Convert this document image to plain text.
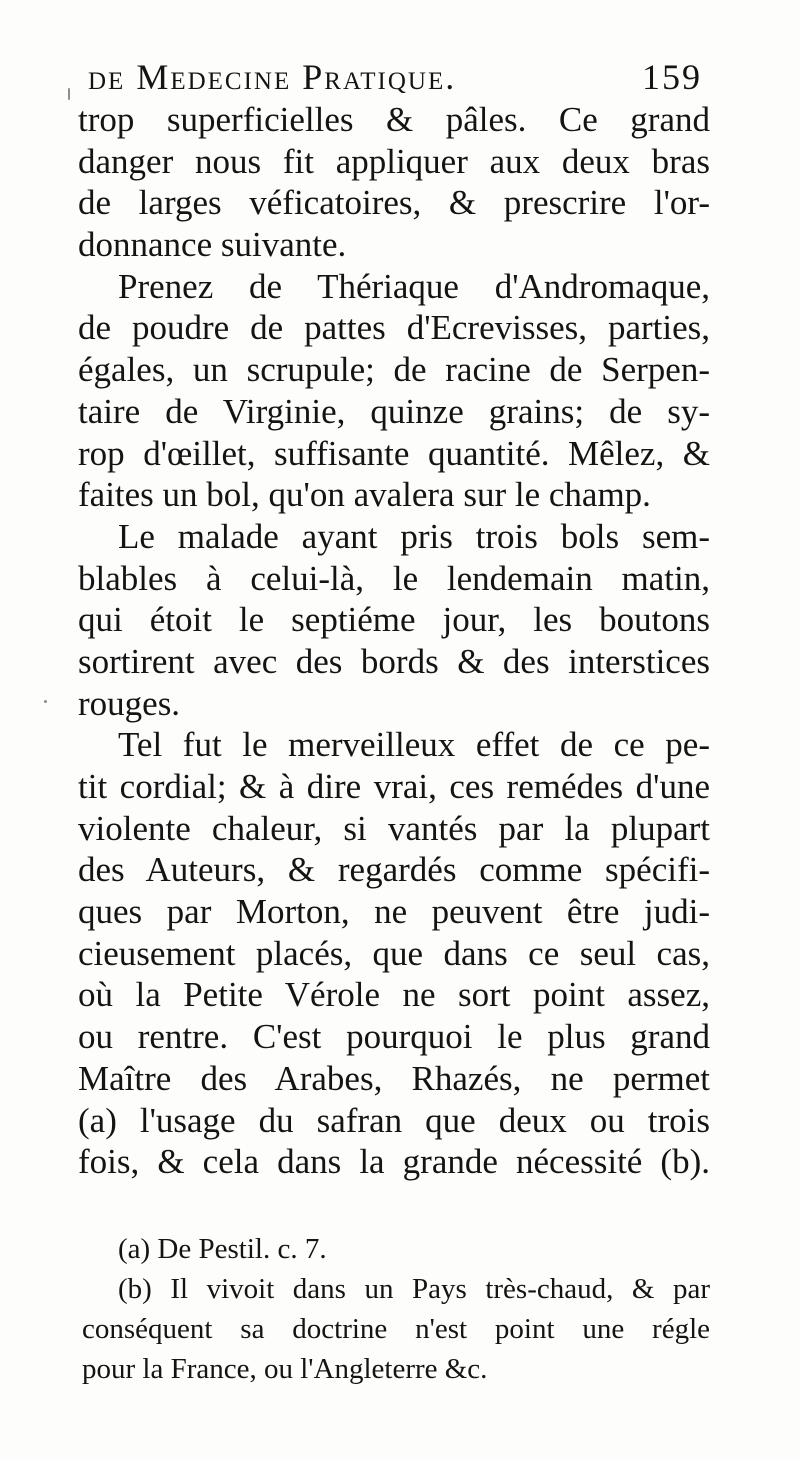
de Medecine Pratique.	159
trop superficielles & pâles. Ce grand
danger nous fit appliquer aux deux bras
de larges véficatoires, & prescrire l'or-
donnance suivante.
Prenez de Thériaque d'Andromaque,
de poudre de pattes d'Ecrevisses, parties,
égales, un scrupule; de racine de Serpen-
taire de Virginie, quinze grains; de sy-
rop d'œillet, suffisante quantité. Mêlez, &
faites un bol, qu'on avalera sur le champ.
Le malade ayant pris trois bols sem-
blables à celui-là, le lendemain matin,
qui étoit le septiéme jour, les boutons
sortirent avec des bords & des interstices
rouges.
Tel fut le merveilleux effet de ce pe-
tit cordial; & à dire vrai, ces remédes d'une
violente chaleur, si vantés par la plupart
des Auteurs, & regardés comme spécifi-
ques par Morton, ne peuvent être judi-
cieusement placés, que dans ce seul cas,
où la Petite Vérole ne sort point assez,
ou rentre. C'est pourquoi le plus grand
Maître des Arabes, Rhazés, ne permet
(a) l'usage du safran que deux ou trois
fois, & cela dans la grande nécessité (b).
(a) De Pestil. c. 7.
(b) Il vivoit dans un Pays très-chaud, & par
conséquent sa doctrine n'est point une régle
pour la France, ou l'Angleterre &c.
